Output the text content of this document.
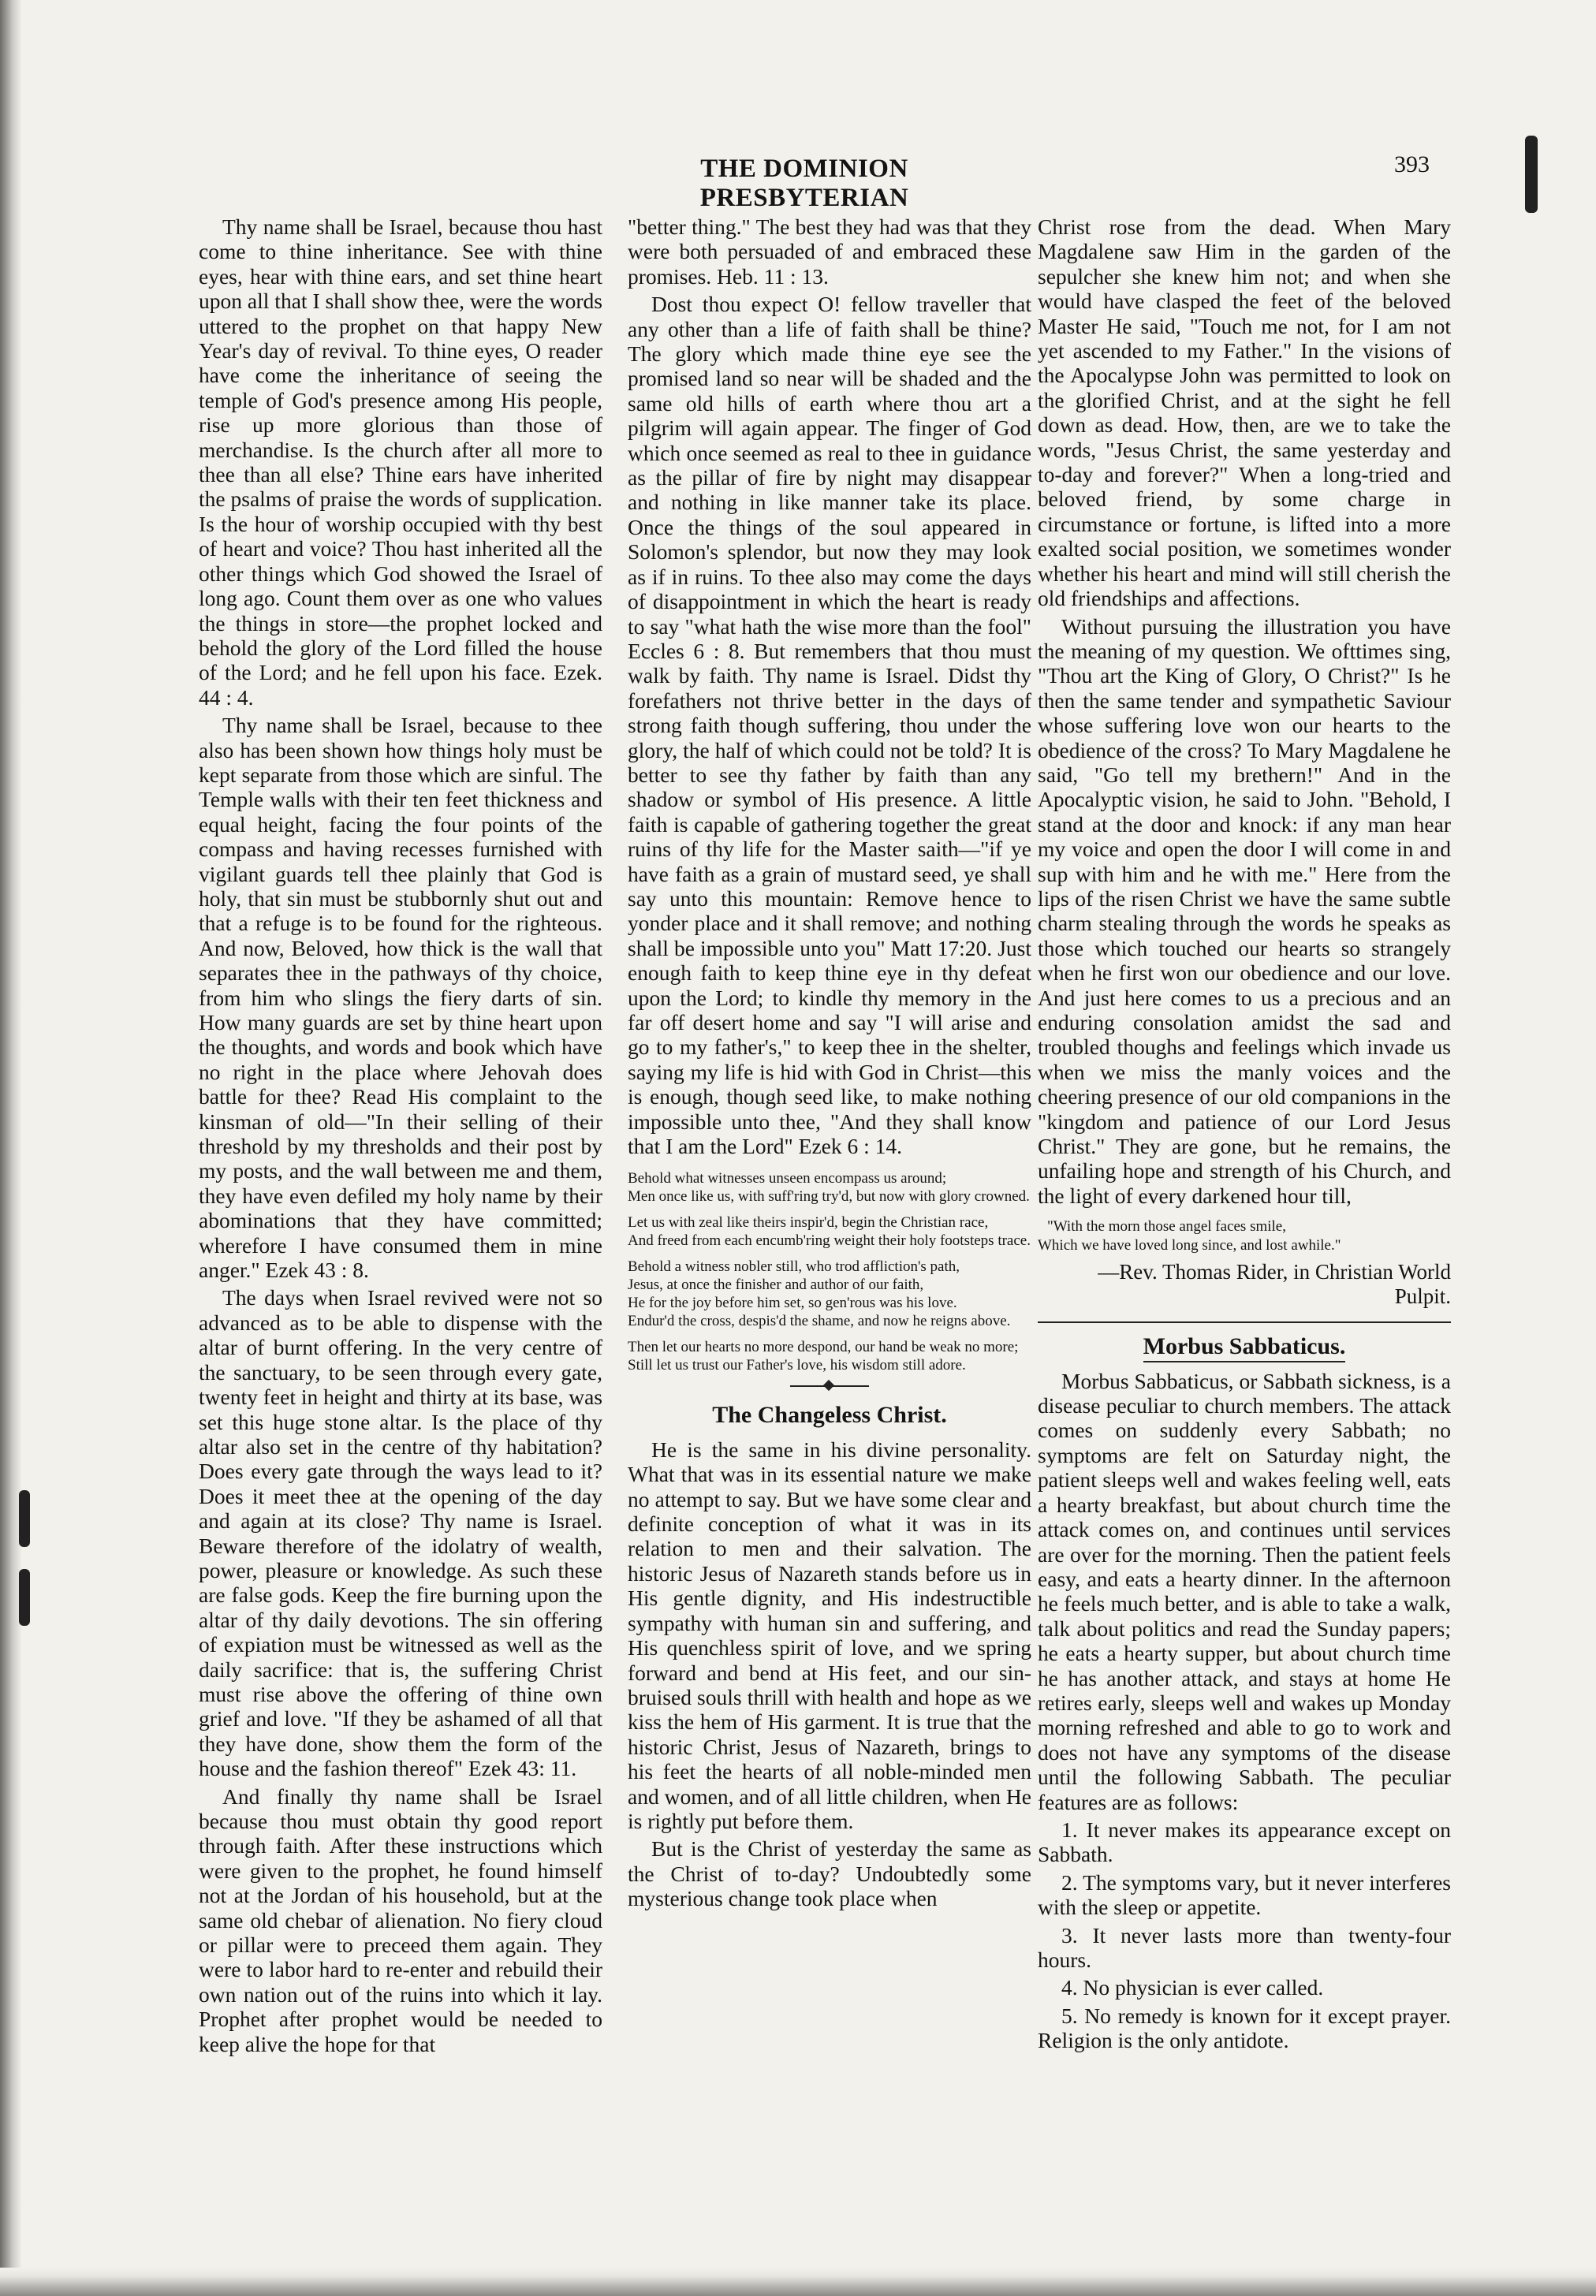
THE DOMINION PRESBYTERIAN
393

Thy name shall be Israel, because thou hast come to thine inheritance. See with thine eyes, hear with thine ears, and set thine heart upon all that I shall show thee, were the words uttered to the prophet on that happy New Year's day of revival. To thine eyes, O reader have come the inheritance of seeing the temple of God's presence among His people, rise up more glorious than those of merchandise. Is the church after all more to thee than all else? Thine ears have inherited the psalms of praise the words of supplication. Is the hour of worship occupied with thy best of heart and voice? Thou hast inherited all the other things which God showed the Israel of long ago. Count them over as one who values the things in store—the prophet locked and behold the glory of the Lord filled the house of the Lord; and he fell upon his face. Ezek. 44 : 4.

Thy name shall be Israel, because to thee also has been shown how things holy must be kept separate from those which are sinful. The Temple walls with their ten feet thickness and equal height, facing the four points of the compass and having recesses furnished with vigilant guards tell thee plainly that God is holy, that sin must be stubbornly shut out and that a refuge is to be found for the righteous. And now, Beloved, how thick is the wall that separates thee in the pathways of thy choice, from him who slings the fiery darts of sin. How many guards are set by thine heart upon the thoughts, and words and book which have no right in the place where Jehovah does battle for thee? Read His complaint to the kinsman of old—"In their selling of their threshold by my thresholds and their post by my posts, and the wall between me and them, they have even defiled my holy name by their abominations that they have committed; wherefore I have consumed them in mine anger." Ezek 43 : 8.

The days when Israel revived were not so advanced as to be able to dispense with the altar of burnt offering. In the very centre of the sanctuary, to be seen through every gate, twenty feet in height and thirty at its base, was set this huge stone altar. Is the place of thy altar also set in the centre of thy habitation? Does every gate through the ways lead to it? Does it meet thee at the opening of the day and again at its close? Thy name is Israel. Beware therefore of the idolatry of wealth, power, pleasure or knowledge. As such these are false gods. Keep the fire burning upon the altar of thy daily devotions. The sin offering of expiation must be witnessed as well as the daily sacrifice: that is, the suffering Christ must rise above the offering of thine own grief and love. "If they be ashamed of all that they have done, show them the form of the house and the fashion thereof" Ezek 43: 11.

And finally thy name shall be Israel because thou must obtain thy good report through faith. After these instructions which were given to the prophet, he found himself not at the Jordan of his household, but at the same old chebar of alienation. No fiery cloud or pillar were to preceed them again. They were to labor hard to re-enter and rebuild their own nation out of the ruins into which it lay. Prophet after prophet would be needed to keep alive the hope for that

"better thing." The best they had was that they were both persuaded of and embraced these promises. Heb. 11 : 13.

Dost thou expect O! fellow traveller that any other than a life of faith shall be thine? The glory which made thine eye see the promised land so near will be shaded and the same old hills of earth where thou art a pilgrim will again appear. The finger of God which once seemed as real to thee in guidance as the pillar of fire by night may disappear and nothing in like manner take its place. Once the things of the soul appeared in Solomon's splendor, but now they may look as if in ruins. To thee also may come the days of disappointment in which the heart is ready to say "what hath the wise more than the fool" Eccles 6 : 8. But remembers that thou must walk by faith. Thy name is Israel. Didst thy forefathers not thrive better in the days of strong faith though suffering, thou under the glory, the half of which could not be told? It is better to see thy father by faith than any shadow or symbol of His presence. A little faith is capable of gathering together the great ruins of thy life for the Master saith—"if ye have faith as a grain of mustard seed, ye shall say unto this mountain: Remove hence to yonder place and it shall remove; and nothing shall be impossible unto you" Matt 17:20. Just enough faith to keep thine eye in thy defeat upon the Lord; to kindle thy memory in the far off desert home and say "I will arise and go to my father's," to keep thee in the shelter, saying my life is hid with God in Christ—this is enough, though seed like, to make nothing impossible unto thee, "And they shall know that I am the Lord" Ezek 6 : 14.

Behold what witnesses unseen encompass us around;
Men once like us, with suff'ring try'd, but now with glory crowned.
Let us with zeal like theirs inspir'd, begin the Christian race,
And freed from each encumb'ring weight their holy footsteps trace.
Behold a witness nobler still, who trod affliction's path,
Jesus, at once the finisher and author of our faith,
He for the joy before him set, so gen'rous was his love.
Endur'd the cross, despis'd the shame, and now he reigns above.
Then let our hearts no more despond, our hand be weak no more;
Still let us trust our Father's love, his wisdom still adore.
The Changeless Christ.

He is the same in his divine personality. What that was in its essential nature we make no attempt to say. But we have some clear and definite conception of what it was in its relation to men and their salvation. The historic Jesus of Nazareth stands before us in His gentle dignity, and His indestructible sympathy with human sin and suffering, and His quenchless spirit of love, and we spring forward and bend at His feet, and our sin-bruised souls thrill with health and hope as we kiss the hem of His garment. It is true that the historic Christ, Jesus of Nazareth, brings to his feet the hearts of all noble-minded men and women, and of all little children, when He is rightly put before them.

But is the Christ of yesterday the same as the Christ of to-day? Undoubtedly some mysterious change took place when

Christ rose from the dead. When Mary Magdalene saw Him in the garden of the sepulcher she knew him not; and when she would have clasped the feet of the beloved Master He said, "Touch me not, for I am not yet ascended to my Father." In the visions of the Apocalypse John was permitted to look on the glorified Christ, and at the sight he fell down as dead. How, then, are we to take the words, "Jesus Christ, the same yesterday and to-day and forever?" When a long-tried and beloved friend, by some charge in circumstance or fortune, is lifted into a more exalted social position, we sometimes wonder whether his heart and mind will still cherish the old friendships and affections.

Without pursuing the illustration you have the meaning of my question. We ofttimes sing, "Thou art the King of Glory, O Christ?" Is he then the same tender and sympathetic Saviour whose suffering love won our hearts to the obedience of the cross? To Mary Magdalene he said, "Go tell my brethern!" And in the Apocalyptic vision, he said to John. "Behold, I stand at the door and knock: if any man hear my voice and open the door I will come in and sup with him and he with me." Here from the lips of the risen Christ we have the same subtle charm stealing through the words he speaks as those which touched our hearts so strangely when he first won our obedience and our love. And just here comes to us a precious and an enduring consolation amidst the sad and troubled thoughs and feelings which invade us when we miss the manly voices and the cheering presence of our old companions in the "kingdom and patience of our Lord Jesus Christ." They are gone, but he remains, the unfailing hope and strength of his Church, and the light of every darkened hour till,

"With the morn those angel faces smile,
Which we have loved long since, and lost awhile."
—Rev. Thomas Rider, in Christian World Pulpit.
Morbus Sabbaticus.

Morbus Sabbaticus, or Sabbath sickness, is a disease peculiar to church members. The attack comes on suddenly every Sabbath; no symptoms are felt on Saturday night, the patient sleeps well and wakes feeling well, eats a hearty breakfast, but about church time the attack comes on, and continues until services are over for the morning. Then the patient feels easy, and eats a hearty dinner. In the afternoon he feels much better, and is able to take a walk, talk about politics and read the Sunday papers; he eats a hearty supper, but about church time he has another attack, and stays at home He retires early, sleeps well and wakes up Monday morning refreshed and able to go to work and does not have any symptoms of the disease until the following Sabbath. The peculiar features are as follows:

1. It never makes its appearance except on Sabbath.

2. The symptoms vary, but it never interferes with the sleep or appetite.

3. It never lasts more than twenty-four hours.

4. No physician is ever called.

5. No remedy is known for it except prayer. Religion is the only antidote.
